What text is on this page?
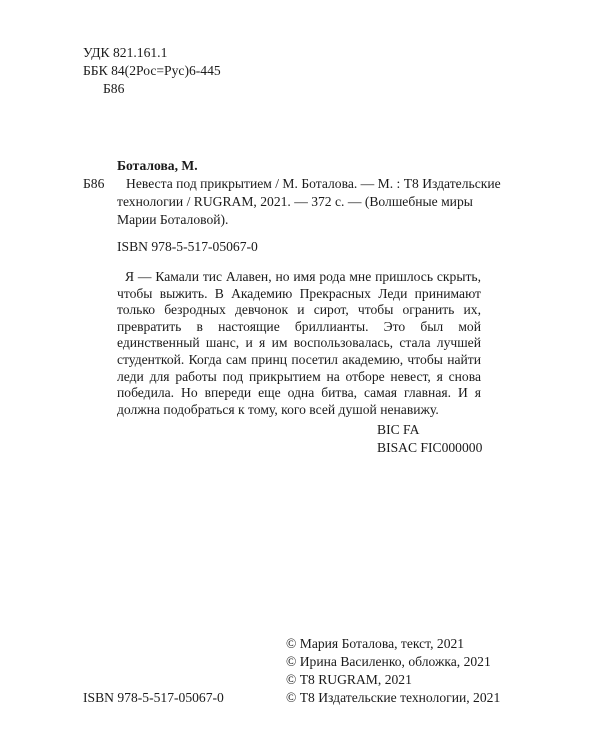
УДК 821.161.1
ББК 84(2Рос=Рус)6-445
Б86
Боталова, М.
Б86 Невеста под прикрытием / М. Боталова. — М. : Т8 Издательские
технологии / RUGRAM, 2021. — 372 с. — (Волшебные миры
Марии Боталовой).
ISBN 978-5-517-05067-0
Я — Камали тис Алавен, но имя рода мне пришлось скрыть, чтобы выжить. В Академию Прекрасных Леди принимают только безродных девчонок и сирот, чтобы огранить их, превратить в настоящие бриллианты. Это был мой единственный шанс, и я им воспользовалась, стала лучшей студенткой. Когда сам принц посетил академию, чтобы найти леди для работы под прикрытием на отборе невест, я снова победила. Но впереди еще одна битва, самая главная. И я должна подобраться к тому, кого всей душой ненавижу.
BIC FA
BISAC FIC000000
ISBN 978-5-517-05067-0
© Мария Боталова, текст, 2021
© Ирина Василенко, обложка, 2021
© Т8 RUGRAM, 2021
© Т8 Издательские технологии, 2021
